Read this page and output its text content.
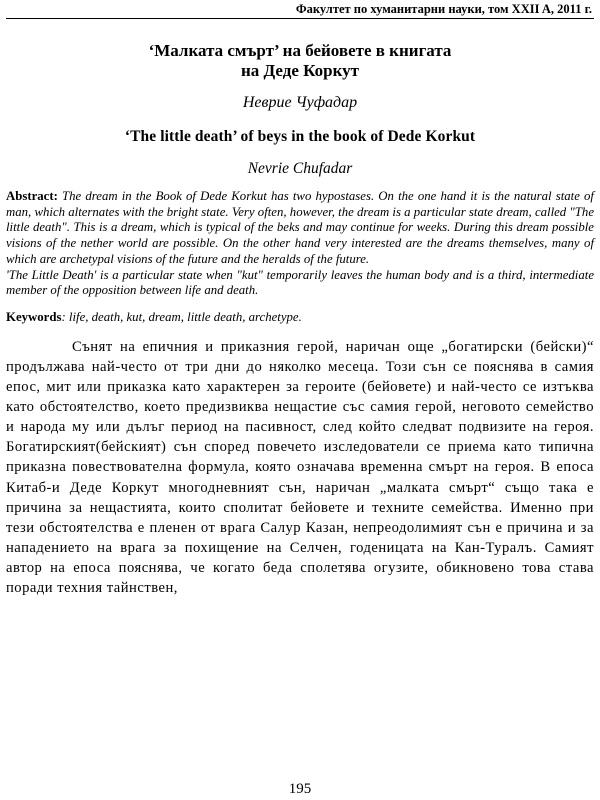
Факултет по хуманитарни науки, том XXII A, 2011 г.
‘Малката смърт’ на бейовете в книгата
на Деде Коркут
Неврие Чуфадар
‘The little death’ of beys in the book of Dede Korkut
Nevrie Chufadar

Abstract: The dream in the Book of Dede Korkut has two hypostases. On the one hand it is the natural state of man, which alternates with the bright state. Very often, however, the dream is a particular state dream, called "The little death". This is a dream, which is typical of the beks and may continue for weeks. During this dream possible visions of the nether world are possible. On the other hand very interested are the dreams themselves, many of which are archetypal visions of the future and the heralds of the future.

'The Little Death' is a particular state when "kut" temporarily leaves the human body and is a third, intermediate member of the opposition between life and death.

Keywords: life, death, kut, dream, little death, archetype.
Сънят на епичния и приказния герой, наричан още „богатирски (бейски)“ продължава най-често от три дни до няколко месеца. Този сън се пояснява в самия епос, мит или приказка като характерен за героите (бейовете) и най-често се изтъква като обстоятелство, което предизвиква нещастие със самия герой, неговото семейство и народа му или дълъг период на пасивност, след който следват подвизите на героя. Богатирският(бейският) сън според повечето изследователи се приема като типична приказна повествователна формула, която означава временна смърт на героя. В епоса Китаб-и Деде Коркут многодневният сън, наричан „малката смърт“ също така е причина за нещастията, които сполитат бейовете и техните семейства. Именно при тези обстоятелства е пленен от врага Салур Казан, непреодолимият сън е причина и за нападението на врага за похищение на Селчен, годеницата на Кан-Туралъ. Самият автор на епоса пояснява, че когато беда сполетява огузите, обикновено това става поради техния тайнствен,
195
